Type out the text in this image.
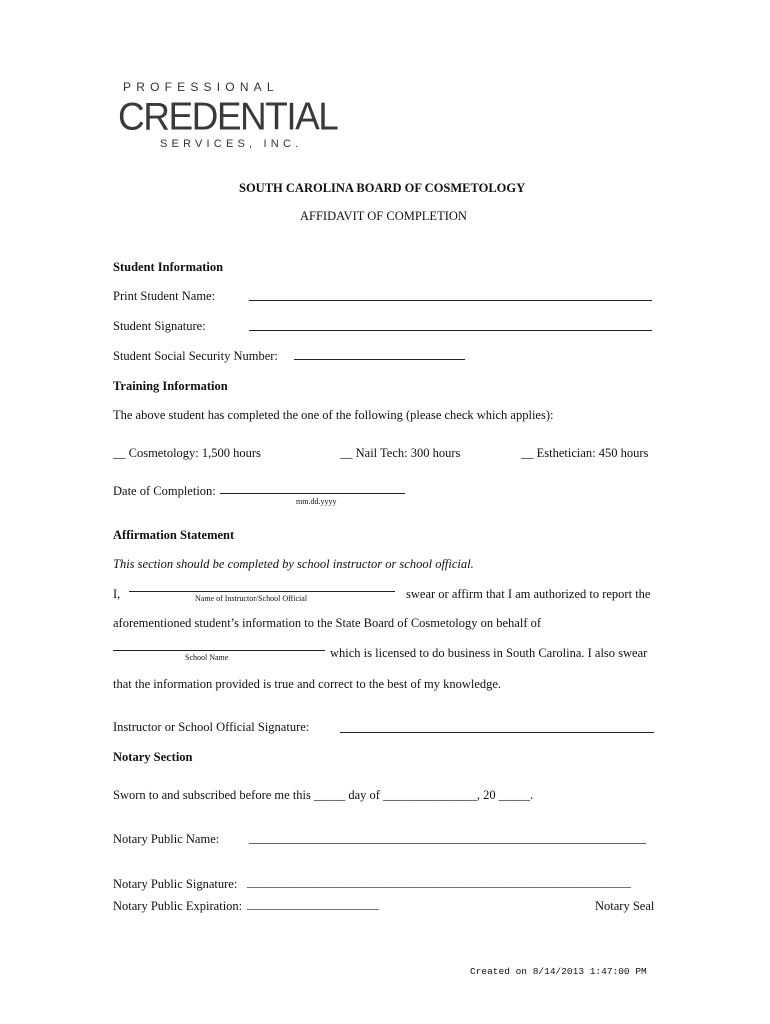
PROFESSIONAL
CREDENTIAL
SERVICES, INC.
SOUTH CAROLINA BOARD OF COSMETOLOGY
AFFIDAVIT OF COMPLETION
Student Information
Print Student Name:
Student Signature:
Student Social Security Number:
Training Information
The above student has completed the one of the following (please check which applies):
__ Cosmetology: 1,500 hours	__ Nail Tech: 300 hours	__ Esthetician: 450 hours
Date of Completion:
mm.dd.yyyy
Affirmation Statement
This section should be completed by school instructor or school official.
I,	Name of Instructor/School Official	swear or affirm that I am authorized to report the
aforementioned student’s information to the State Board of Cosmetology on behalf of
School Name	which is licensed to do business in South Carolina. I also swear
that the information provided is true and correct to the best of my knowledge.
Instructor or School Official Signature:
Notary Section
Sworn to and subscribed before me this _____ day of _______________, 20 _____.
Notary Public Name:
Notary Public Signature: ________________________________________________________________
Notary Public Expiration: ______________________	Notary Seal
Created on 8/14/2013 1:47:00 PM
